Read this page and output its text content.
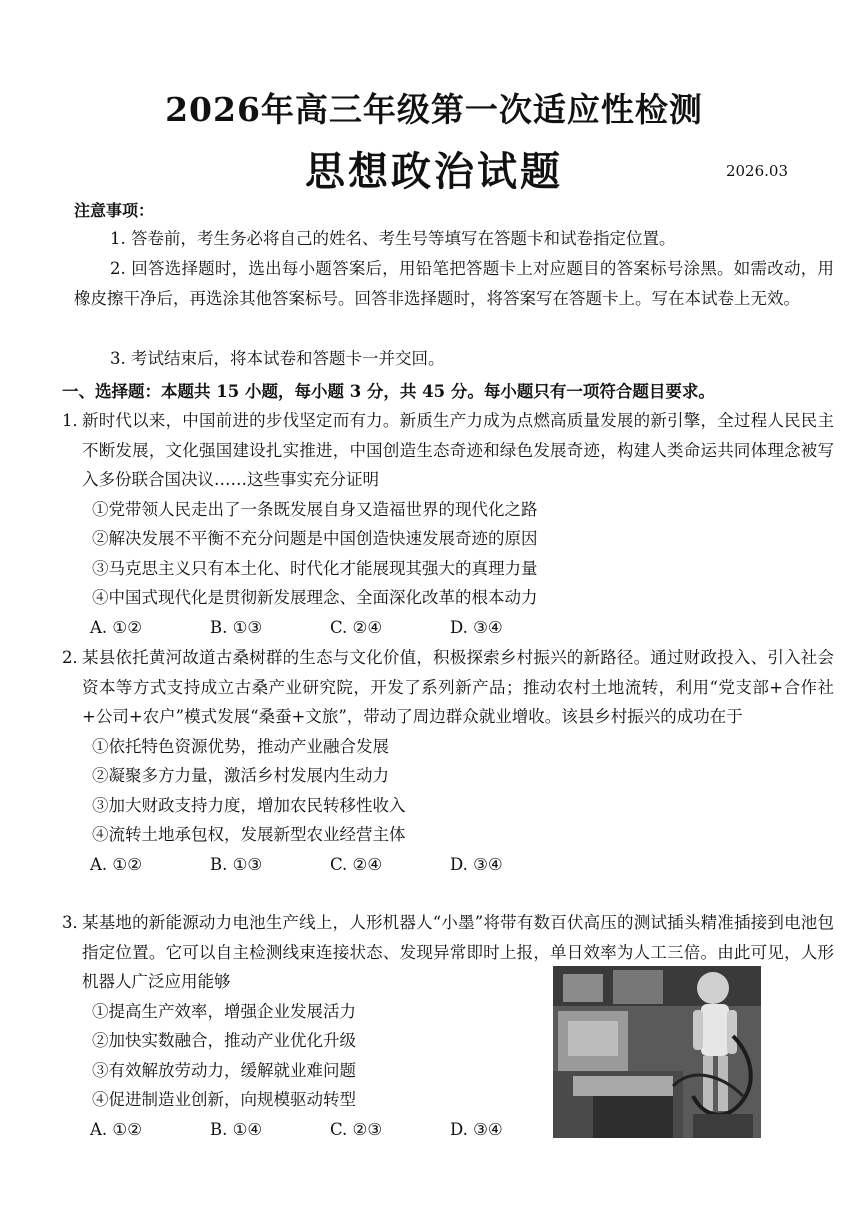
2026年高三年级第一次适应性检测
思想政治试题	2026.03
注意事项：
1. 答卷前，考生务必将自己的姓名、考生号等填写在答题卡和试卷指定位置。
2. 回答选择题时，选出每小题答案后，用铅笔把答题卡上对应题目的答案标号涂黑。如需改动，用橡皮擦干净后，再选涂其他答案标号。回答非选择题时，将答案写在答题卡上。写在本试卷上无效。
3. 考试结束后，将本试卷和答题卡一并交回。
一、选择题：本题共 15 小题，每小题 3 分，共 45 分。每小题只有一项符合题目要求。
1．
新时代以来，中国前进的步伐坚定而有力。新质生产力成为点燃高质量发展的新引擎，全过程人民民主不断发展，文化强国建设扎实推进，中国创造生态奇迹和绿色发展奇迹，构建人类命运共同体理念被写入多份联合国决议……这些事实充分证明
①党带领人民走出了一条既发展自身又造福世界的现代化之路
②解决发展不平衡不充分问题是中国创造快速发展奇迹的原因
③马克思主义只有本土化、时代化才能展现其强大的真理力量
④中国式现代化是贯彻新发展理念、全面深化改革的根本动力
A. ①②	B. ①③	C. ②④	D. ③④
2．
某县依托黄河故道古桑树群的生态与文化价值，积极探索乡村振兴的新路径。通过财政投入、引入社会资本等方式支持成立古桑产业研究院，开发了系列新产品；推动农村土地流转，利用“党支部+合作社+公司+农户”模式发展“桑蚕+文旅”，带动了周边群众就业增收。该县乡村振兴的成功在于
①依托特色资源优势，推动产业融合发展
②凝聚多方力量，激活乡村发展内生动力
③加大财政支持力度，增加农民转移性收入
④流转土地承包权，发展新型农业经营主体
A. ①②	B. ①③	C. ②④	D. ③④
3．
某基地的新能源动力电池生产线上，人形机器人“小墨”将带有数百伏高压的测试插头精准插接到电池包指定位置。它可以自主检测线束连接状态、发现异常即时上报，单日效率为人工三倍。由此可见，人形机器人广泛应用能够
①提高生产效率，增强企业发展活力
②加快实数融合，推动产业优化升级
③有效解放劳动力，缓解就业难问题
④促进制造业创新，向规模驱动转型
A. ①②	B. ①④	C. ②③	D. ③④
